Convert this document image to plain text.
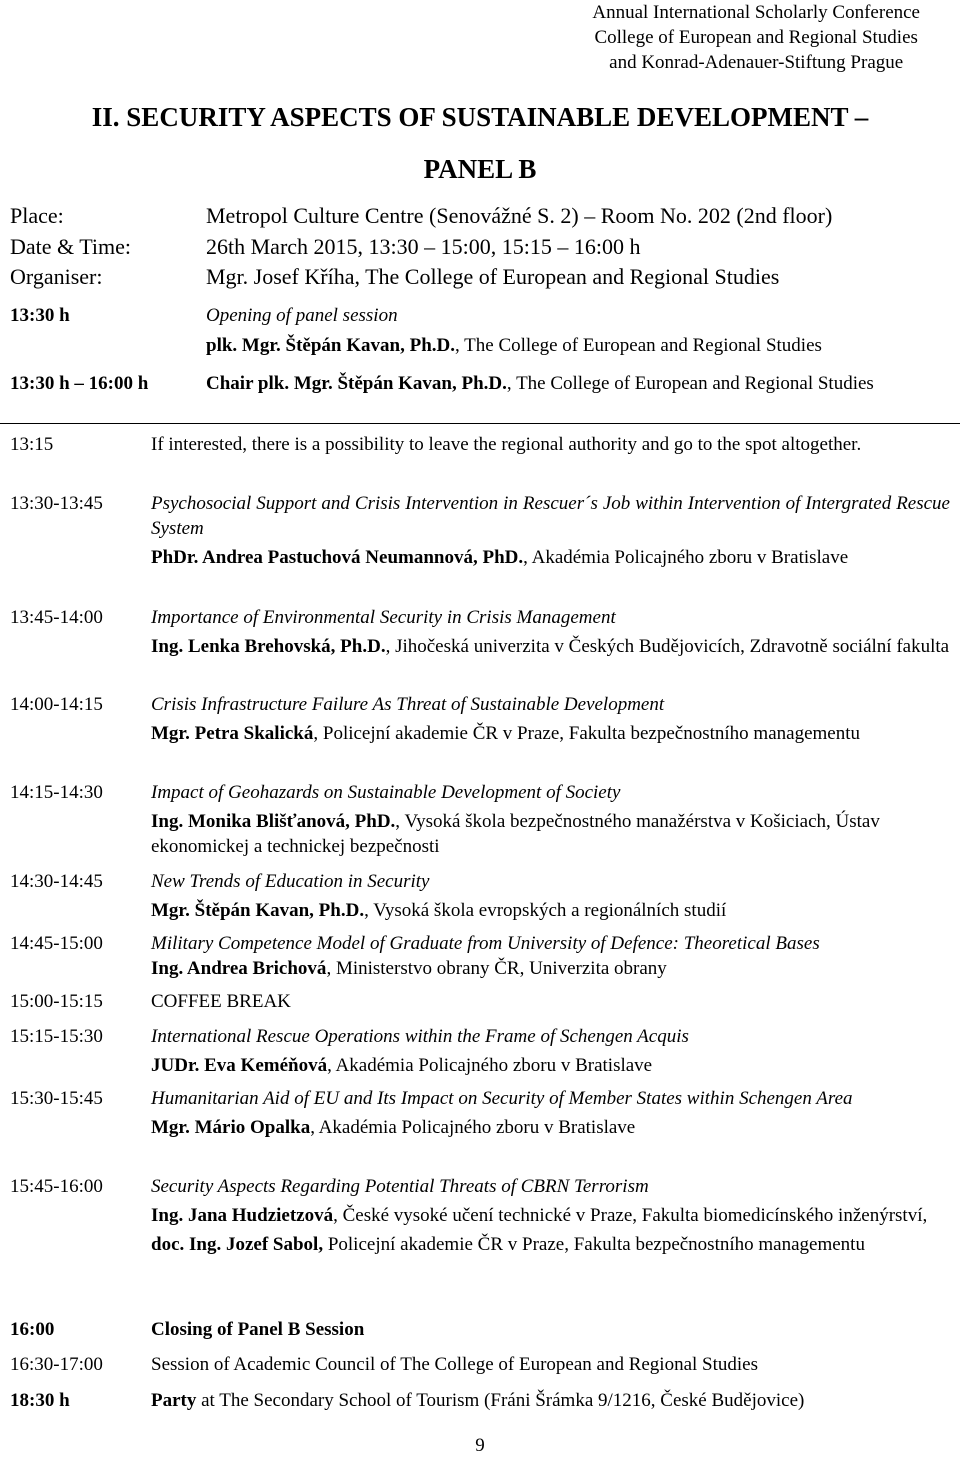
Annual International Scholarly Conference
College of European and Regional Studies
and Konrad-Adenauer-Stiftung Prague
II. SECURITY ASPECTS OF SUSTAINABLE DEVELOPMENT –
PANEL B
Place:	Metropol Culture Centre (Senovážné S. 2) – Room No. 202 (2nd floor)
Date & Time:	26th March 2015, 13:30 – 15:00, 15:15 – 16:00 h
Organiser:	Mgr. Josef Kříha, The College of European and Regional Studies
13:30 h	Opening of panel session
plk. Mgr. Štěpán Kavan, Ph.D., The College of European and Regional Studies
13:30 h – 16:00 h	Chair plk. Mgr. Štěpán Kavan, Ph.D., The College of European and Regional Studies
13:15	If interested, there is a possibility to leave the regional authority and go to the spot altogether.
13:30-13:45	Psychosocial Support and Crisis Intervention in Rescuer´s Job within Intervention of Intergrated Rescue System
PhDr. Andrea Pastuchová Neumannová, PhD., Akadémia Policajného zboru v Bratislave
13:45-14:00	Importance of Environmental Security in Crisis Management
Ing. Lenka Brehovská, Ph.D., Jihočeská univerzita v Českých Budějovicích, Zdravotně sociální fakulta
14:00-14:15	Crisis Infrastructure Failure As Threat of Sustainable Development
Mgr. Petra Skalická, Policejní akademie ČR v Praze, Fakulta bezpečnostního managementu
14:15-14:30	Impact of Geohazards on Sustainable Development of Society
Ing. Monika Blišťanová, PhD., Vysoká škola bezpečnostného manažérstva v Košiciach, Ústav ekonomickej a technickej bezpečnosti
14:30-14:45	New Trends of Education in Security
Mgr. Štěpán Kavan, Ph.D., Vysoká škola evropských a regionálních studií
14:45-15:00	Military Competence Model of Graduate from University of Defence: Theoretical Bases
Ing. Andrea Brichová, Ministerstvo obrany ČR, Univerzita obrany
15:00-15:15	COFFEE BREAK
15:15-15:30	International Rescue Operations within the Frame of Schengen Acquis
JUDr. Eva Keméňová, Akadémia Policajného zboru v Bratislave
15:30-15:45	Humanitarian Aid of EU and Its Impact on Security of Member States within Schengen Area
Mgr. Mário Opalka, Akadémia Policajného zboru v Bratislave
15:45-16:00	Security Aspects Regarding Potential Threats of CBRN Terrorism
Ing. Jana Hudzietzová, České vysoké učení technické v Praze, Fakulta biomedicínského inženýrství,
doc. Ing. Jozef Sabol, Policejní akademie ČR v Praze, Fakulta bezpečnostního managementu
16:00	Closing of Panel B Session
16:30-17:00	Session of Academic Council of The College of European and Regional Studies
18:30 h	Party at The Secondary School of Tourism (Fráni Šrámka 9/1216, České Budějovice)
9
